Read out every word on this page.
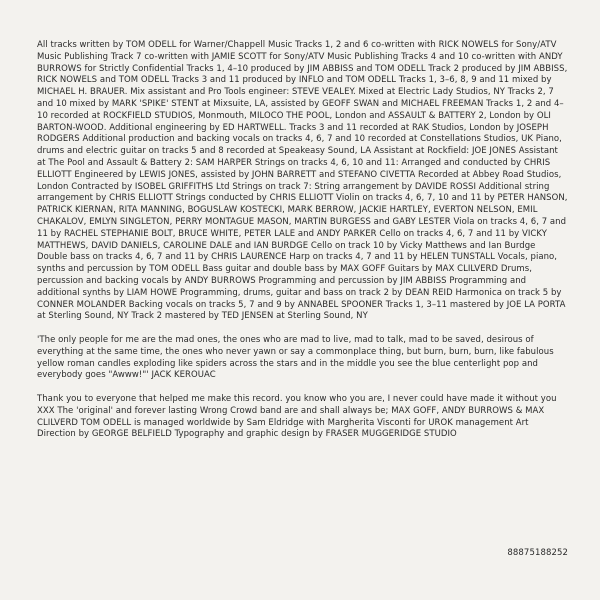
All tracks written by TOM ODELL for Warner/Chappell Music Tracks 1, 2 and 6 co-written with RICK NOWELS for Sony/ATV Music Publishing Track 7 co-written with JAMIE SCOTT for Sony/ATV Music Publishing Tracks 4 and 10 co-written with ANDY BURROWS for Strictly Confidential Tracks 1, 4–10 produced by JIM ABBISS and TOM ODELL Track 2 produced by JIM ABBISS, RICK NOWELS and TOM ODELL Tracks 3 and 11 produced by INFLO and TOM ODELL Tracks 1, 3–6, 8, 9 and 11 mixed by MICHAEL H. BRAUER. Mix assistant and Pro Tools engineer: STEVE VEALEY. Mixed at Electric Lady Studios, NY Tracks 2, 7 and 10 mixed by MARK 'SPIKE' STENT at Mixsuite, LA, assisted by GEOFF SWAN and MICHAEL FREEMAN Tracks 1, 2 and 4–10 recorded at ROCKFIELD STUDIOS, Monmouth, MILOCO THE POOL, London and ASSAULT & BATTERY 2, London by OLI BARTON-WOOD. Additional engineering by ED HARTWELL. Tracks 3 and 11 recorded at RAK Studios, London by JOSEPH RODGERS Additional production and backing vocals on tracks 4, 6, 7 and 10 recorded at Constellations Studios, UK Piano, drums and electric guitar on tracks 5 and 8 recorded at Speakeasy Sound, LA Assistant at Rockfield: JOE JONES Assistant at The Pool and Assault & Battery 2: SAM HARPER Strings on tracks 4, 6, 10 and 11: Arranged and conducted by CHRIS ELLIOTT Engineered by LEWIS JONES, assisted by JOHN BARRETT and STEFANO CIVETTA Recorded at Abbey Road Studios, London Contracted by ISOBEL GRIFFITHS Ltd Strings on track 7: String arrangement by DAVIDE ROSSI Additional string arrangement by CHRIS ELLIOTT Strings conducted by CHRIS ELLIOTT Violin on tracks 4, 6, 7, 10 and 11 by PETER HANSON, PATRICK KIERNAN, RITA MANNING, BOGUSLAW KOSTECKI, MARK BERROW, JACKIE HARTLEY, EVERTON NELSON, EMIL CHAKALOV, EMLYN SINGLETON, PERRY MONTAGUE MASON, MARTIN BURGESS and GABY LESTER Viola on tracks 4, 6, 7 and 11 by RACHEL STEPHANIE BOLT, BRUCE WHITE, PETER LALE and ANDY PARKER Cello on tracks 4, 6, 7 and 11 by VICKY MATTHEWS, DAVID DANIELS, CAROLINE DALE and IAN BURDGE Cello on track 10 by Vicky Matthews and Ian Burdge Double bass on tracks 4, 6, 7 and 11 by CHRIS LAURENCE Harp on tracks 4, 7 and 11 by HELEN TUNSTALL Vocals, piano, synths and percussion by TOM ODELL Bass guitar and double bass by MAX GOFF Guitars by MAX CLILVERD Drums, percussion and backing vocals by ANDY BURROWS Programming and percussion by JIM ABBISS Programming and additional synths by LIAM HOWE Programming, drums, guitar and bass on track 2 by DEAN REID Harmonica on track 5 by CONNER MOLANDER Backing vocals on tracks 5, 7 and 9 by ANNABEL SPOONER Tracks 1, 3–11 mastered by JOE LA PORTA at Sterling Sound, NY Track 2 mastered by TED JENSEN at Sterling Sound, NY

'The only people for me are the mad ones, the ones who are mad to live, mad to talk, mad to be saved, desirous of everything at the same time, the ones who never yawn or say a commonplace thing, but burn, burn, burn, like fabulous yellow roman candles exploding like spiders across the stars and in the middle you see the blue centerlight pop and everybody goes "Awww!"' JACK KEROUAC

Thank you to everyone that helped me make this record. you know who you are, I never could have made it without you XXX The 'original' and forever lasting Wrong Crowd band are and shall always be; MAX GOFF, ANDY BURROWS & MAX CLILVERD TOM ODELL is managed worldwide by Sam Eldridge with Margherita Visconti for UROK management Art Direction by GEORGE BELFIELD Typography and graphic design by FRASER MUGGERIDGE STUDIO

88875188252
